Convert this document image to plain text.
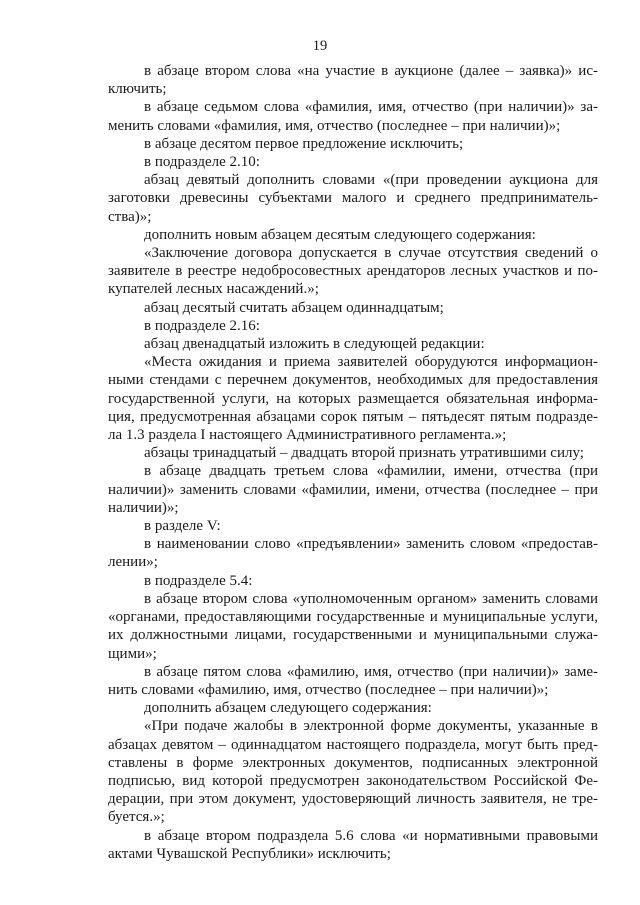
19

в абзаце втором слова «на участие в аукционе (далее – заявка)» ис-ключить;

в абзаце седьмом слова «фамилия, имя, отчество (при наличии)» за-менить словами «фамилия, имя, отчество (последнее – при наличии)»;

в абзаце десятом первое предложение исключить;

в подразделе 2.10:

абзац девятый дополнить словами «(при проведении аукциона для заготовки древесины субъектами малого и среднего предприниматель-ства)»;

дополнить новым абзацем десятым следующего содержания:

«Заключение договора допускается в случае отсутствия сведений о заявителе в реестре недобросовестных арендаторов лесных участков и по-купателей лесных насаждений.»;

абзац десятый считать абзацем одиннадцатым;

в подразделе 2.16:

абзац двенадцатый изложить в следующей редакции:

«Места ожидания и приема заявителей оборудуются информацион-ными стендами с перечнем документов, необходимых для предоставления государственной услуги, на которых размещается обязательная информа-ция, предусмотренная абзацами сорок пятым – пятьдесят пятым подразде-ла 1.3 раздела I настоящего Административного регламента.»;

абзацы тринадцатый – двадцать второй признать утратившими силу;

в абзаце двадцать третьем слова «фамилии, имени, отчества (при наличии)» заменить словами «фамилии, имени, отчества (последнее – при наличии)»;

в разделе V:

в наименовании слово «предъявлении» заменить словом «предостав-лении»;

в подразделе 5.4:

в абзаце втором слова «уполномоченным органом» заменить словами «органами, предоставляющими государственные и муниципальные услуги, их должностными лицами, государственными и муниципальными служа-щими»;

в абзаце пятом слова «фамилию, имя, отчество (при наличии)» заме-нить словами «фамилию, имя, отчество (последнее – при наличии)»;

дополнить абзацем следующего содержания:

«При подаче жалобы в электронной форме документы, указанные в абзацах девятом – одиннадцатом настоящего подраздела, могут быть пред-ставлены в форме электронных документов, подписанных электронной подписью, вид которой предусмотрен законодательством Российской Фе-дерации, при этом документ, удостоверяющий личность заявителя, не тре-буется.»;

в абзаце втором подраздела 5.6 слова «и нормативными правовыми актами Чувашской Республики» исключить;
